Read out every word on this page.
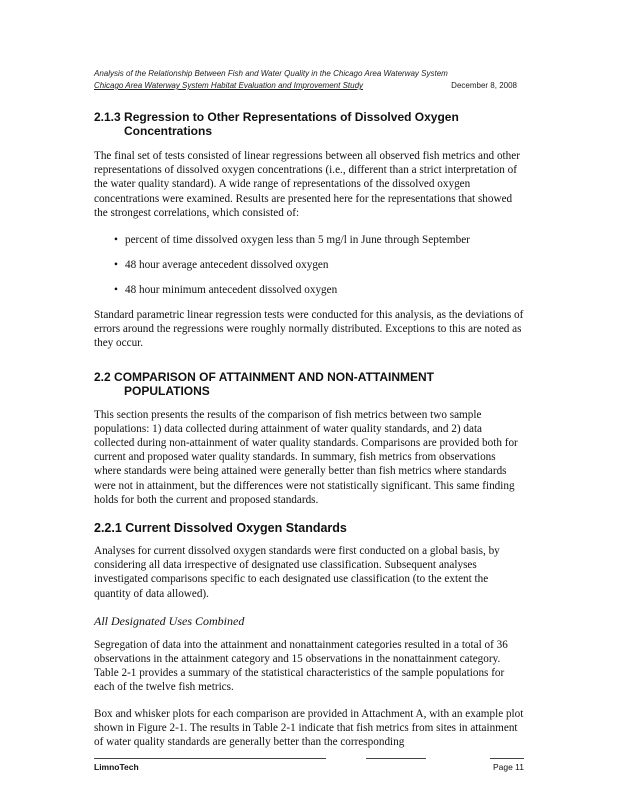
Analysis of the Relationship Between Fish and Water Quality in the Chicago Area Waterway System
Chicago Area Waterway System Habitat Evaluation and Improvement Study	December 8, 2008
2.1.3 Regression to Other Representations of Dissolved Oxygen
Concentrations

The final set of tests consisted of linear regressions between all observed fish metrics and other representations of dissolved oxygen concentrations (i.e., different than a strict interpretation of the water quality standard). A wide range of representations of the dissolved oxygen concentrations were examined. Results are presented here for the representations that showed the strongest correlations, which consisted of:

• percent of time dissolved oxygen less than 5 mg/l in June through September
• 48 hour average antecedent dissolved oxygen
• 48 hour minimum antecedent dissolved oxygen

Standard parametric linear regression tests were conducted for this analysis, as the deviations of errors around the regressions were roughly normally distributed. Exceptions to this are noted as they occur.

2.2 COMPARISON OF ATTAINMENT AND NON-ATTAINMENT
POPULATIONS

This section presents the results of the comparison of fish metrics between two sample populations: 1) data collected during attainment of water quality standards, and 2) data collected during non-attainment of water quality standards. Comparisons are provided both for current and proposed water quality standards. In summary, fish metrics from observations where standards were being attained were generally better than fish metrics where standards were not in attainment, but the differences were not statistically significant. This same finding holds for both the current and proposed standards.

2.2.1 Current Dissolved Oxygen Standards

Analyses for current dissolved oxygen standards were first conducted on a global basis, by considering all data irrespective of designated use classification. Subsequent analyses investigated comparisons specific to each designated use classification (to the extent the quantity of data allowed).

All Designated Uses Combined

Segregation of data into the attainment and nonattainment categories resulted in a total of 36 observations in the attainment category and 15 observations in the nonattainment category. Table 2-1 provides a summary of the statistical characteristics of the sample populations for each of the twelve fish metrics.

Box and whisker plots for each comparison are provided in Attachment A, with an example plot shown in Figure 2-1. The results in Table 2-1 indicate that fish metrics from sites in attainment of water quality standards are generally better than the corresponding

LimnoTech	Page 11
